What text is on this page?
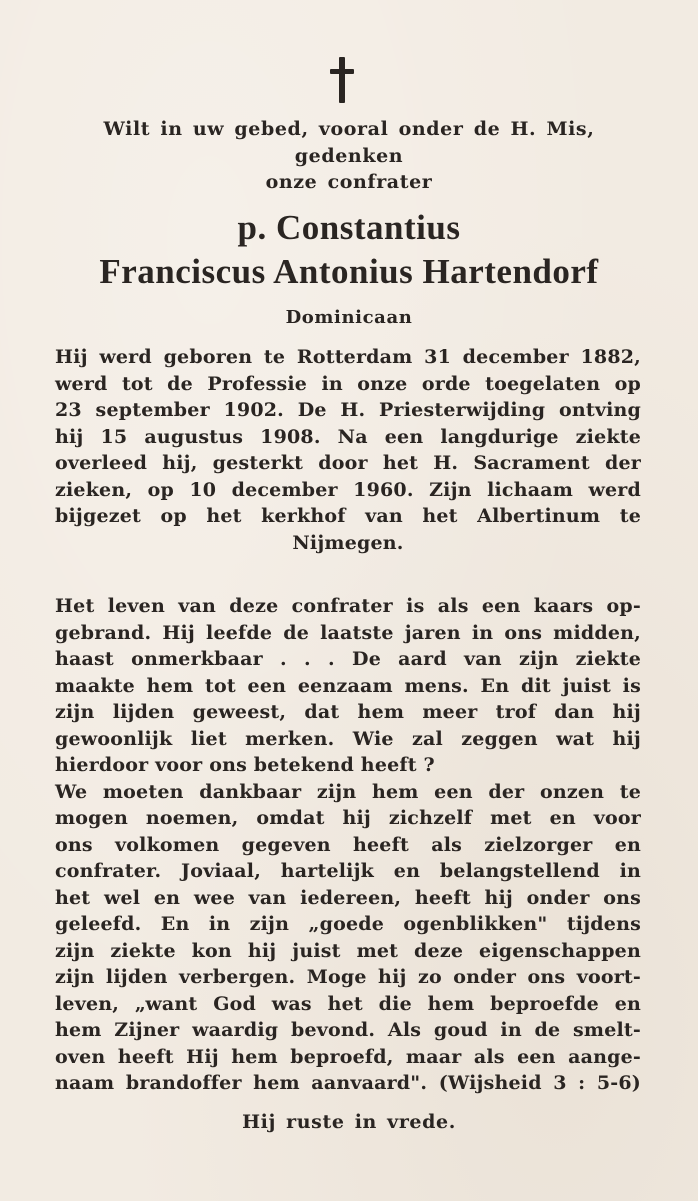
Wilt in uw gebed, vooral onder de H. Mis,
gedenken
onze confrater
p. Constantius
Franciscus Antonius Hartendorf
Dominicaan
Hij werd geboren te Rotterdam 31 december 1882,
werd tot de Professie in onze orde toegelaten op
23 september 1902. De H. Priesterwijding ontving
hij 15 augustus 1908. Na een langdurige ziekte
overleed hij, gesterkt door het H. Sacrament der
zieken, op 10 december 1960. Zijn lichaam werd
bijgezet op het kerkhof van het Albertinum te
Nijmegen.
Het leven van deze confrater is als een kaars op-
gebrand. Hij leefde de laatste jaren in ons midden,
haast onmerkbaar . . . De aard van zijn ziekte
maakte hem tot een eenzaam mens. En dit juist is
zijn lijden geweest, dat hem meer trof dan hij
gewoonlijk liet merken. Wie zal zeggen wat hij
hierdoor voor ons betekend heeft ?
We moeten dankbaar zijn hem een der onzen te
mogen noemen, omdat hij zichzelf met en voor
ons volkomen gegeven heeft als zielzorger en
confrater. Joviaal, hartelijk en belangstellend in
het wel en wee van iedereen, heeft hij onder ons
geleefd. En in zijn „goede ogenblikken" tijdens
zijn ziekte kon hij juist met deze eigenschappen
zijn lijden verbergen. Moge hij zo onder ons voort-
leven, „want God was het die hem beproefde en
hem Zijner waardig bevond. Als goud in de smelt-
oven heeft Hij hem beproefd, maar als een aange-
naam brandoffer hem aanvaard". (Wijsheid 3 : 5-6)
Hij ruste in vrede.
